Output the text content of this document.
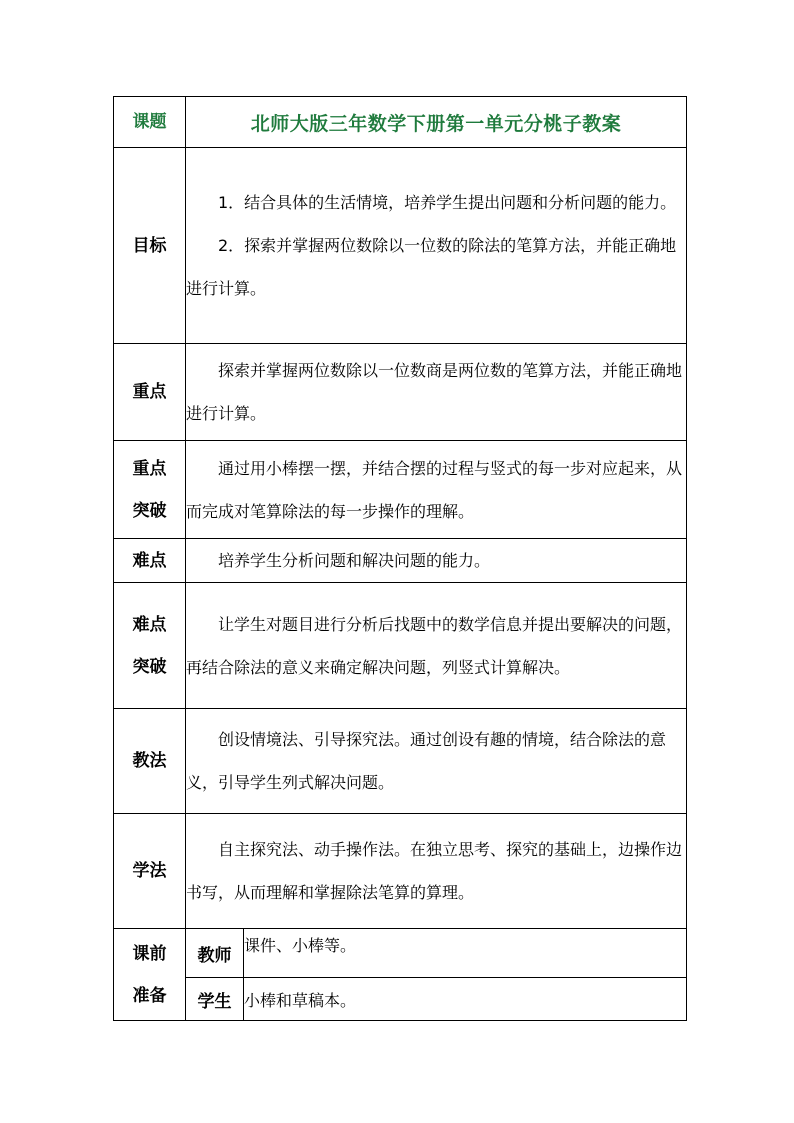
课题	北师大版三年数学下册第一单元分桃子教案	
目标	1．结合具体的生活情境，培养学生提出问题和分析问题的能力。

2．探索并掌握两位数除以一位数的除法的笔算方法，并能正确地进行计算。	

重点	探索并掌握两位数除以一位数商是两位数的笔算方法，并能正确地进行计算。	

重点
突破	通过用小棒摆一摆，并结合摆的过程与竖式的每一步对应起来，从而完成对笔算除法的每一步操作的理解。	

难点	培养学生分析问题和解决问题的能力。	

难点
突破	让学生对题目进行分析后找题中的数学信息并提出要解决的问题，再结合除法的意义来确定解决问题，列竖式计算解决。	

教法	创设情境法、引导探究法。通过创设有趣的情境，结合除法的意义，引导学生列式解决问题。	

学法	自主探究法、动手操作法。在独立思考、探究的基础上，边操作边书写，从而理解和掌握除法笔算的算理。	

课前
准备	教师	课件、小棒等。
	学生	小棒和草稿本。
